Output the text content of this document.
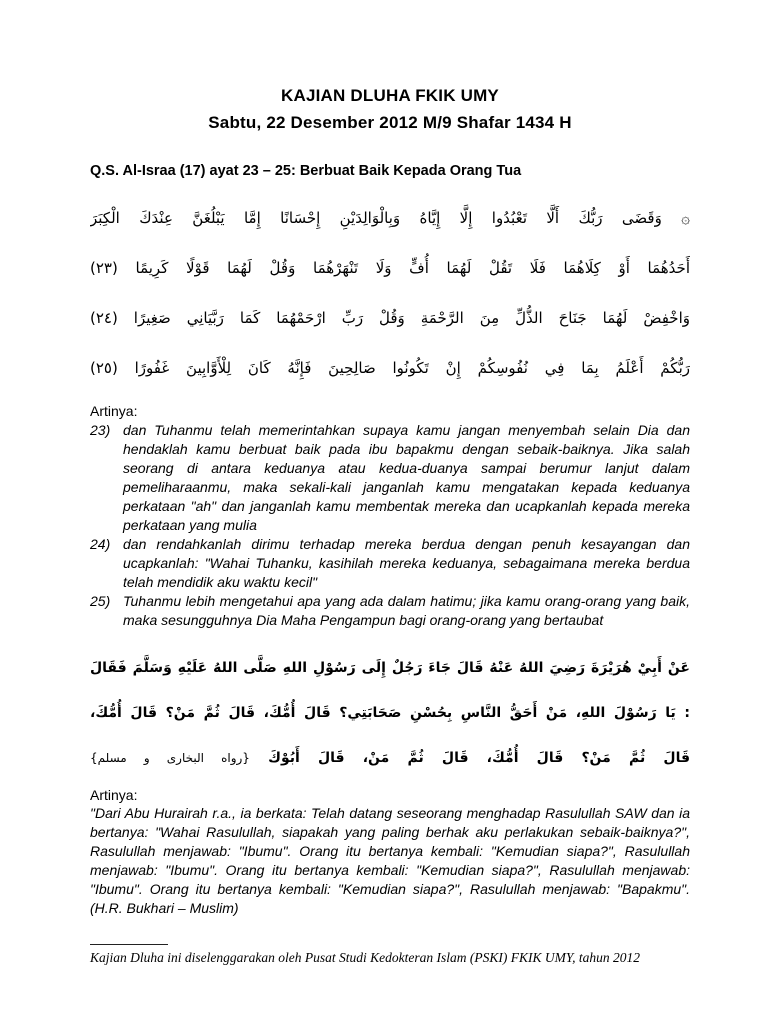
KAJIAN DLUHA FKIK UMY
Sabtu, 22 Desember 2012 M/9 Shafar 1434 H
Q.S. Al-Israa (17) ayat 23 – 25: Berbuat Baik Kepada Orang Tua
۞ وَقَضَى رَبُّكَ أَلَّا تَعْبُدُوا إِلَّا إِيَّاهُ وَبِالْوَالِدَيْنِ إِحْسَانًا إِمَّا يَبْلُغَنَّ عِنْدَكَ الْكِبَرَ
أَحَدُهُمَا أَوْ كِلَاهُمَا فَلَا تَقُلْ لَهُمَا أُفٍّ وَلَا تَنْهَرْهُمَا وَقُلْ لَهُمَا قَوْلًا كَرِيمًا (٢٣)
وَاخْفِضْ لَهُمَا جَنَاحَ الذُّلِّ مِنَ الرَّحْمَةِ وَقُلْ رَبِّ ارْحَمْهُمَا كَمَا رَبَّيَانِي صَغِيرًا (٢٤)
رَبُّكُمْ أَعْلَمُ بِمَا فِي نُفُوسِكُمْ إِنْ تَكُونُوا صَالِحِينَ فَإِنَّهُ كَانَ لِلْأَوَّابِينَ غَفُورًا (٢٥)
Artinya:
23) dan Tuhanmu telah memerintahkan supaya kamu jangan menyembah selain Dia dan hendaklah kamu berbuat baik pada ibu bapakmu dengan sebaik-baiknya. Jika salah seorang di antara keduanya atau kedua-duanya sampai berumur lanjut dalam pemeliharaanmu, maka sekali-kali janganlah kamu mengatakan kepada keduanya perkataan "ah" dan janganlah kamu membentak mereka dan ucapkanlah kepada mereka perkataan yang mulia
24) dan rendahkanlah dirimu terhadap mereka berdua dengan penuh kesayangan dan ucapkanlah: "Wahai Tuhanku, kasihilah mereka keduanya, sebagaimana mereka berdua telah mendidik aku waktu kecil"
25) Tuhanmu lebih mengetahui apa yang ada dalam hatimu; jika kamu orang-orang yang baik, maka sesungguhnya Dia Maha Pengampun bagi orang-orang yang bertaubat
عَنْ أَبِيْ هُرَيْرَةَ رَضِيَ اللهُ عَنْهُ قَالَ جَاءَ رَجُلٌ إِلَى رَسُوْلِ اللهِ صَلَّى اللهُ عَلَيْهِ وَسَلَّمَ فَقَالَ
: يَا رَسُوْلَ اللهِ، مَنْ أَحَقُّ النَّاسِ بِحُسْنِ صَحَابَتِي؟ قَالَ أُمُّكَ، قَالَ ثُمَّ مَنْ؟ قَالَ أُمُّكَ،
قَالَ ثُمَّ مَنْ؟ قَالَ أُمُّكَ، قَالَ ثُمَّ مَنْ، قَالَ أَبُوْكَ {رواه البخارى و مسلم}
Artinya:

"Dari Abu Hurairah r.a., ia berkata: Telah datang seseorang menghadap Rasulullah SAW dan ia bertanya: "Wahai Rasulullah, siapakah yang paling berhak aku perlakukan sebaik-baiknya?", Rasulullah menjawab: "Ibumu". Orang itu bertanya kembali: "Kemudian siapa?", Rasulullah menjawab: "Ibumu". Orang itu bertanya kembali: "Kemudian siapa?", Rasulullah menjawab: "Ibumu". Orang itu bertanya kembali: "Kemudian siapa?", Rasulullah menjawab: "Bapakmu". (H.R. Bukhari – Muslim)

Kajian Dluha ini diselenggarakan oleh Pusat Studi Kedokteran Islam (PSKI) FKIK UMY, tahun 2012
